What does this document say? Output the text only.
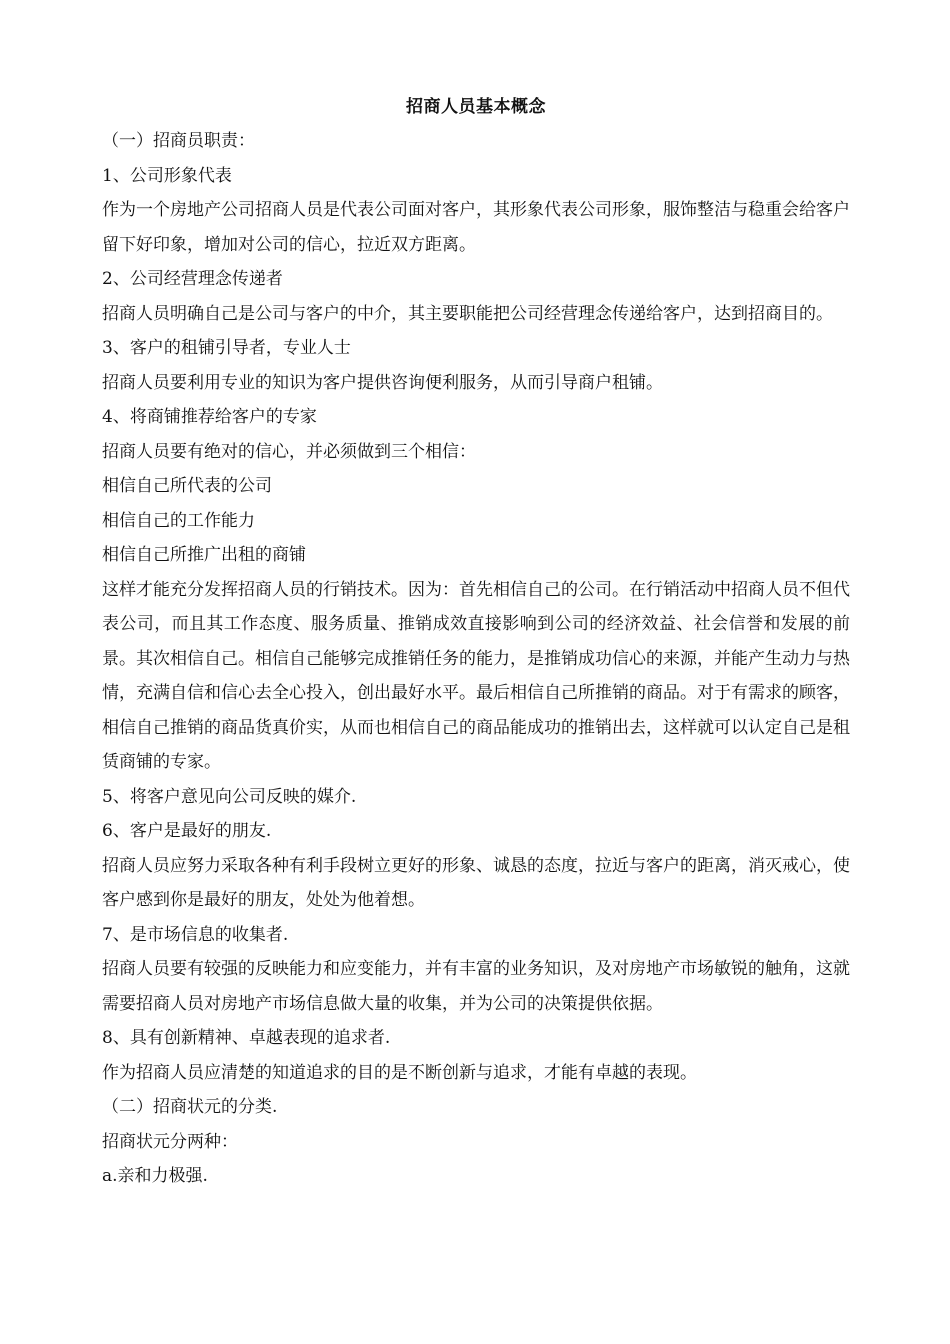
招商人员基本概念

（一）招商员职责：

1、公司形象代表

作为一个房地产公司招商人员是代表公司面对客户，其形象代表公司形象，服饰整洁与稳重会给客户留下好印象，增加对公司的信心，拉近双方距离。

2、公司经营理念传递者

招商人员明确自己是公司与客户的中介，其主要职能把公司经营理念传递给客户，达到招商目的。

3、客户的租铺引导者，专业人士

招商人员要利用专业的知识为客户提供咨询便利服务，从而引导商户租铺。

4、将商铺推荐给客户的专家

招商人员要有绝对的信心，并必须做到三个相信：

相信自己所代表的公司

相信自己的工作能力

相信自己所推广出租的商铺

这样才能充分发挥招商人员的行销技术。因为：首先相信自己的公司。在行销活动中招商人员不但代表公司，而且其工作态度、服务质量、推销成效直接影响到公司的经济效益、社会信誉和发展的前景。其次相信自己。相信自己能够完成推销任务的能力，是推销成功信心的来源，并能产生动力与热情，充满自信和信心去全心投入，创出最好水平。最后相信自己所推销的商品。对于有需求的顾客，相信自己推销的商品货真价实，从而也相信自己的商品能成功的推销出去，这样就可以认定自己是租赁商铺的专家。

5、将客户意见向公司反映的媒介.

6、客户是最好的朋友.

招商人员应努力采取各种有利手段树立更好的形象、诚恳的态度，拉近与客户的距离，消灭戒心，使客户感到你是最好的朋友，处处为他着想。

7、是市场信息的收集者.

招商人员要有较强的反映能力和应变能力，并有丰富的业务知识，及对房地产市场敏锐的触角，这就需要招商人员对房地产市场信息做大量的收集，并为公司的决策提供依据。

8、具有创新精神、卓越表现的追求者.

作为招商人员应清楚的知道追求的目的是不断创新与追求，才能有卓越的表现。

（二）招商状元的分类.

招商状元分两种：

a.亲和力极强.
